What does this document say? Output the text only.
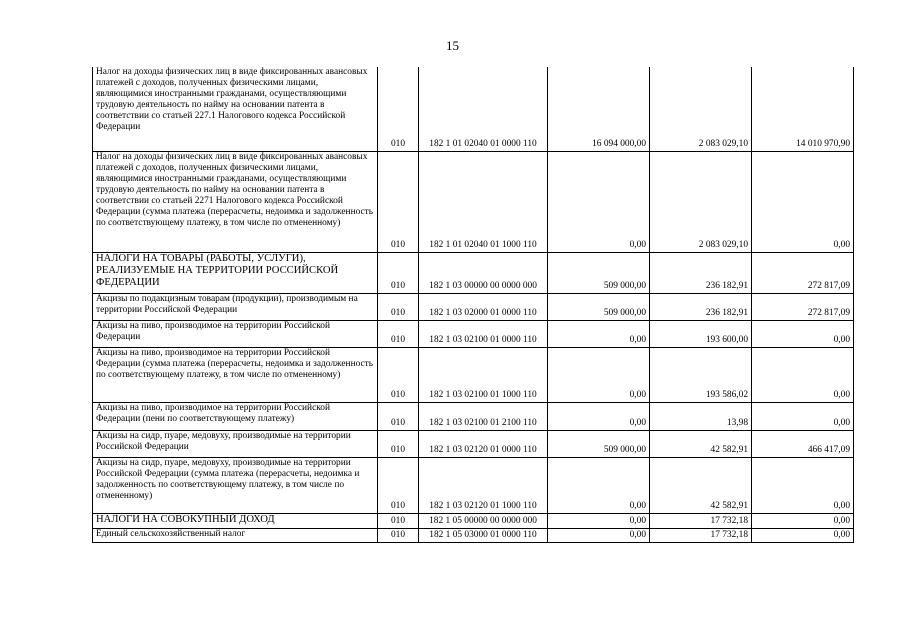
15
Налог на доходы физических лиц в виде фиксированных авансовых платежей с доходов, полученных физическими лицами, являющимися иностранными гражданами, осуществляющими трудовую деятельность по найму на основании патента в соответствии со статьей 227.1 Налогового кодекса Российской Федерации	010	182 1 01 02040 01 0000 110	16 094 000,00	2 083 029,10	14 010 970,90
Налог на доходы физических лиц в виде фиксированных авансовых платежей с доходов, полученных физическими лицами, являющимися иностранными гражданами, осуществляющими трудовую деятельность по найму на основании патента в соответствии со статьей 2271 Налогового кодекса Российской Федерации (сумма платежа (перерасчеты, недоимка и задолженность по соответствующему платежу, в том числе по отмененному)	010	182 1 01 02040 01 1000 110	0,00	2 083 029,10	0,00
НАЛОГИ НА ТОВАРЫ (РАБОТЫ, УСЛУГИ), РЕАЛИЗУЕМЫЕ НА ТЕРРИТОРИИ РОССИЙСКОЙ ФЕДЕРАЦИИ	010	182 1 03 00000 00 0000 000	509 000,00	236 182,91	272 817,09
Акцизы по подакцизным товарам (продукции), производимым на территории Российской Федерации	010	182 1 03 02000 01 0000 110	509 000,00	236 182,91	272 817,09
Акцизы на пиво, производимое на территории Российской Федерации	010	182 1 03 02100 01 0000 110	0,00	193 600,00	0,00
Акцизы на пиво, производимое на территории Российской Федерации (сумма платежа (перерасчеты, недоимка и задолженность по соответствующему платежу, в том числе по отмененному)	010	182 1 03 02100 01 1000 110	0,00	193 586,02	0,00
Акцизы на пиво, производимое на территории Российской Федерации (пени по соответствующему платежу)	010	182 1 03 02100 01 2100 110	0,00	13,98	0,00
Акцизы на сидр, пуаре, медовуху, производимые на территории Российской Федерации	010	182 1 03 02120 01 0000 110	509 000,00	42 582,91	466 417,09
Акцизы на сидр, пуаре, медовуху, производимые на территории Российской Федерации (сумма платежа (перерасчеты, недоимка и задолженность по соответствующему платежу, в том числе по отмененному)	010	182 1 03 02120 01 1000 110	0,00	42 582,91	0,00
НАЛОГИ НА СОВОКУПНЫЙ ДОХОД	010	182 1 05 00000 00 0000 000	0,00	17 732,18	0,00
Единый сельскохозяйственный налог	010	182 1 05 03000 01 0000 110	0,00	17 732,18	0,00
